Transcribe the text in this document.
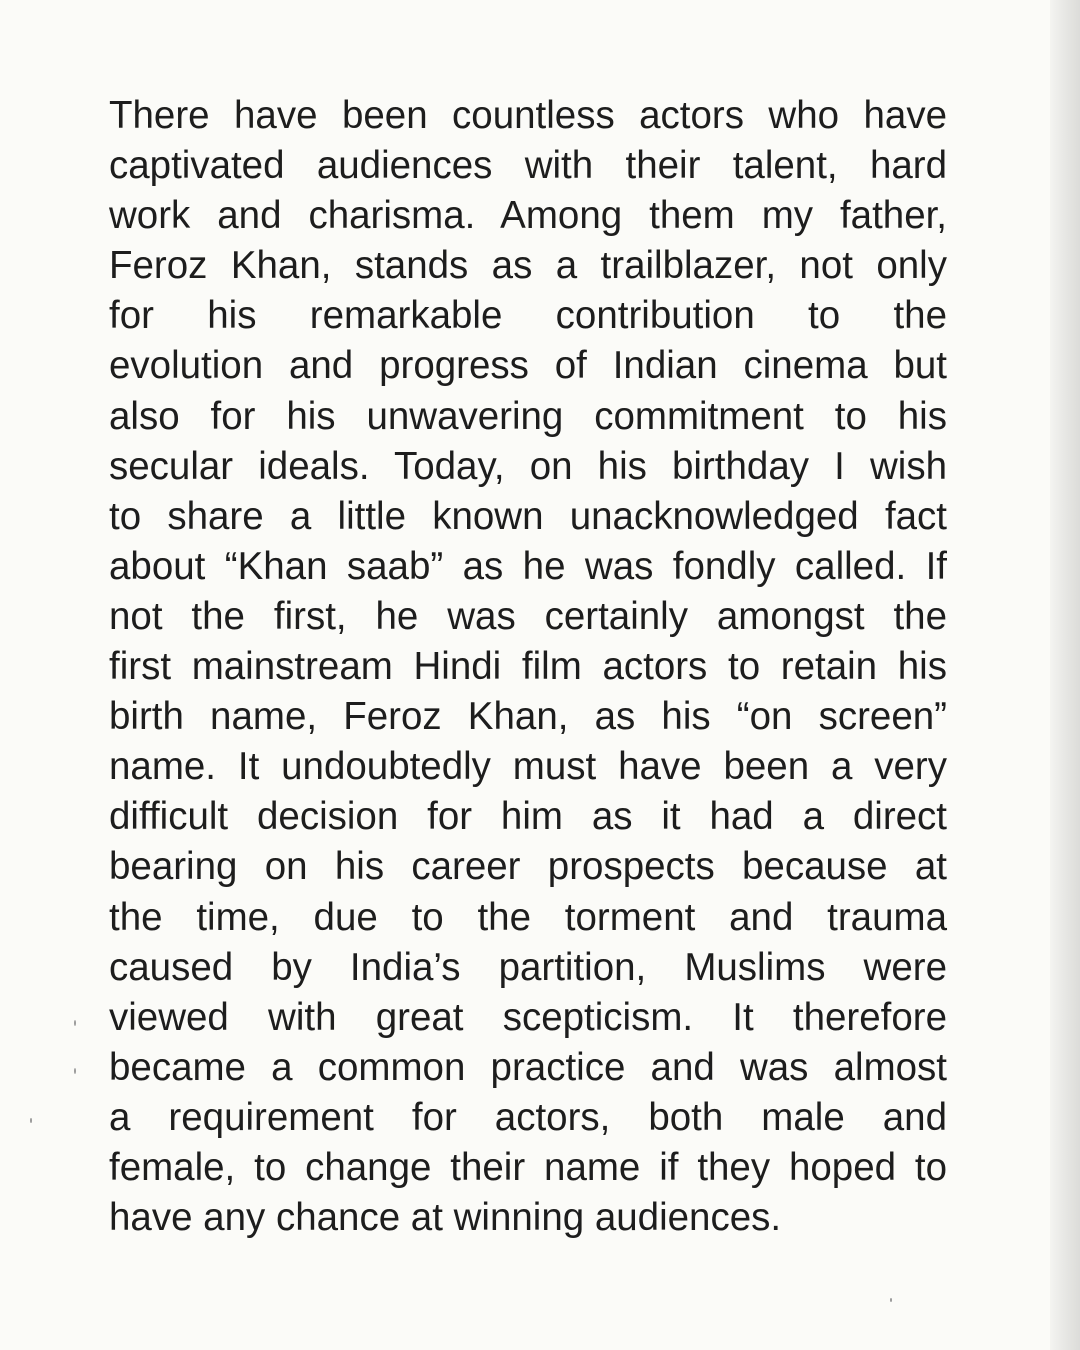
There have been countless actors who have
captivated audiences with their talent, hard
work and charisma. Among them my father,
Feroz Khan, stands as a trailblazer, not only
for his remarkable contribution to the
evolution and progress of Indian cinema but
also for his unwavering commitment to his
secular ideals. Today, on his birthday I wish
to share a little known unacknowledged fact
about “Khan saab” as he was fondly called. If
not the first, he was certainly amongst the
first mainstream Hindi film actors to retain his
birth name, Feroz Khan, as his “on screen”
name. It undoubtedly must have been a very
difficult decision for him as it had a direct
bearing on his career prospects because at
the time, due to the torment and trauma
caused by India’s partition, Muslims were
viewed with great scepticism. It therefore
became a common practice and was almost
a requirement for actors, both male and
female, to change their name if they hoped to
have any chance at winning audiences.
